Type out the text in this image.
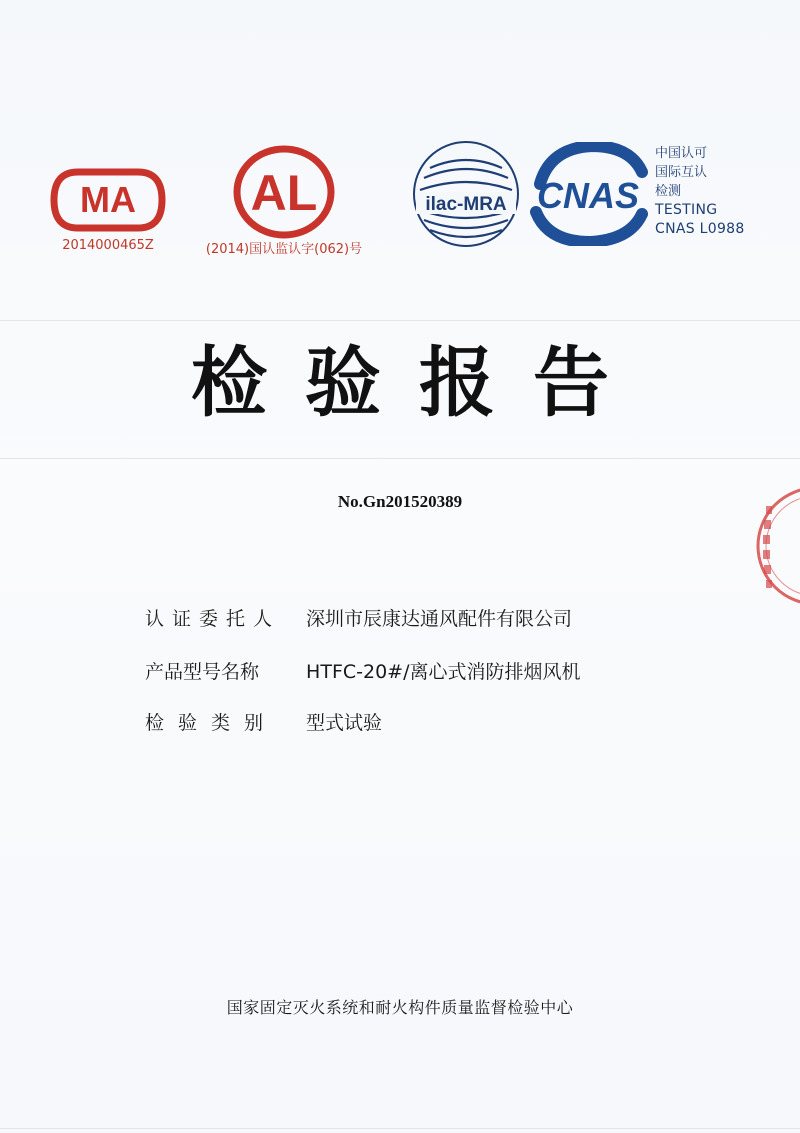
MA
2014000465Z
AL
(2014)国认监认字(062)号
ilac-MRA CNAS
中国认可
国际互认
检测
TESTING
CNAS L0988
检验报告
No.Gn201520389
认证委托人 深圳市辰康达通风配件有限公司
产品型号名称 HTFC-20#/离心式消防排烟风机
检验类别 型式试验
国家固定灭火系统和耐火构件质量监督检验中心
